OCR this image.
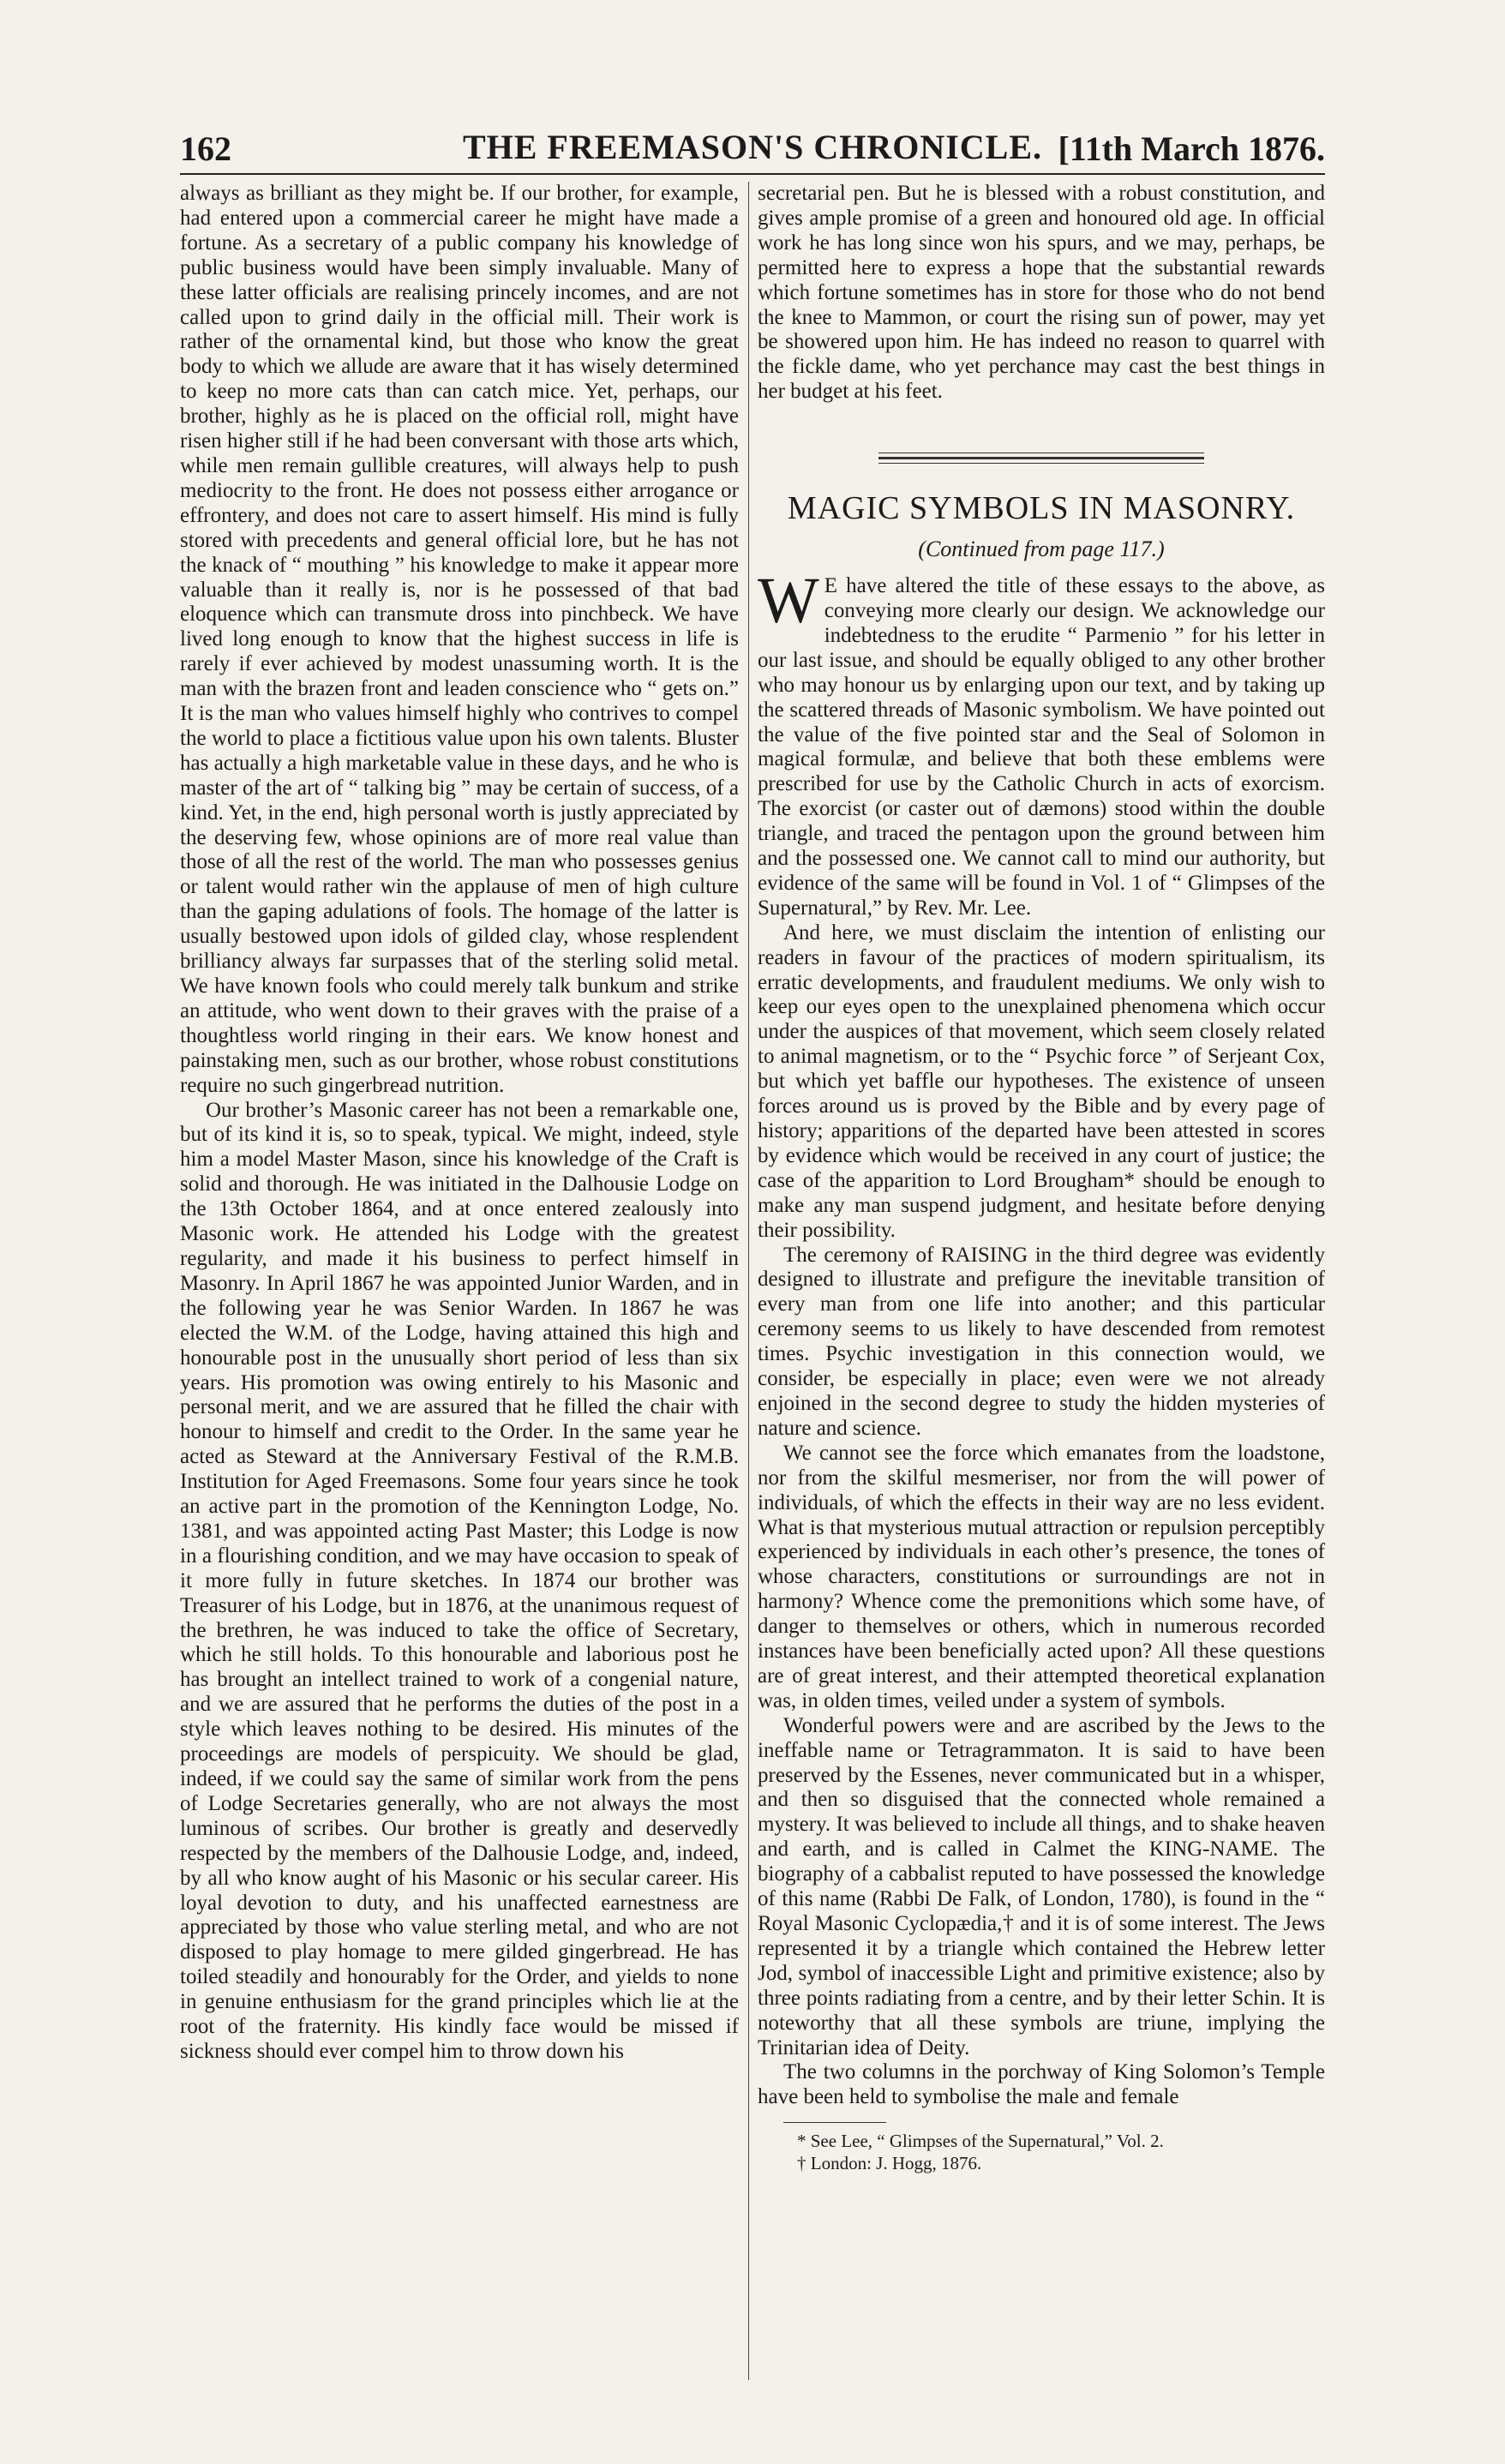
162	THE FREEMASON'S CHRONICLE. [11th March 1876.

always as brilliant as they might be. If our brother, for example, had entered upon a commercial career he might have made a fortune. As a secretary of a public company his knowledge of public business would have been simply invaluable. Many of these latter officials are realising princely incomes, and are not called upon to grind daily in the official mill. Their work is rather of the ornamental kind, but those who know the great body to which we allude are aware that it has wisely determined to keep no more cats than can catch mice. Yet, perhaps, our brother, highly as he is placed on the official roll, might have risen higher still if he had been conversant with those arts which, while men remain gullible creatures, will always help to push mediocrity to the front. He does not possess either arrogance or effrontery, and does not care to assert himself. His mind is fully stored with precedents and general official lore, but he has not the knack of “ mouthing ” his knowledge to make it appear more valuable than it really is, nor is he possessed of that bad eloquence which can transmute dross into pinchbeck. We have lived long enough to know that the highest success in life is rarely if ever achieved by modest unassuming worth. It is the man with the brazen front and leaden conscience who “ gets on.” It is the man who values himself highly who contrives to compel the world to place a fictitious value upon his own talents. Bluster has actually a high marketable value in these days, and he who is master of the art of “ talking big ” may be certain of success, of a kind. Yet, in the end, high personal worth is justly appreciated by the deserving few, whose opinions are of more real value than those of all the rest of the world. The man who possesses genius or talent would rather win the applause of men of high culture than the gaping adulations of fools. The homage of the latter is usually bestowed upon idols of gilded clay, whose resplendent brilliancy always far surpasses that of the sterling solid metal. We have known fools who could merely talk bunkum and strike an attitude, who went down to their graves with the praise of a thoughtless world ringing in their ears. We know honest and painstaking men, such as our brother, whose robust constitutions require no such gingerbread nutrition.

Our brother’s Masonic career has not been a remarkable one, but of its kind it is, so to speak, typical. We might, indeed, style him a model Master Mason, since his knowledge of the Craft is solid and thorough. He was initiated in the Dalhousie Lodge on the 13th October 1864, and at once entered zealously into Masonic work. He attended his Lodge with the greatest regularity, and made it his business to perfect himself in Masonry. In April 1867 he was appointed Junior Warden, and in the following year he was Senior Warden. In 1867 he was elected the W.M. of the Lodge, having attained this high and honourable post in the unusually short period of less than six years. His promotion was owing entirely to his Masonic and personal merit, and we are assured that he filled the chair with honour to himself and credit to the Order. In the same year he acted as Steward at the Anniversary Festival of the R.M.B. Institution for Aged Freemasons. Some four years since he took an active part in the promotion of the Kennington Lodge, No. 1381, and was appointed acting Past Master; this Lodge is now in a flourishing condition, and we may have occasion to speak of it more fully in future sketches. In 1874 our brother was Treasurer of his Lodge, but in 1876, at the unanimous request of the brethren, he was induced to take the office of Secretary, which he still holds. To this honourable and laborious post he has brought an intellect trained to work of a congenial nature, and we are assured that he performs the duties of the post in a style which leaves nothing to be desired. His minutes of the proceedings are models of perspicuity. We should be glad, indeed, if we could say the same of similar work from the pens of Lodge Secretaries generally, who are not always the most luminous of scribes. Our brother is greatly and deservedly respected by the members of the Dalhousie Lodge, and, indeed, by all who know aught of his Masonic or his secular career. His loyal devotion to duty, and his unaffected earnestness are appreciated by those who value sterling metal, and who are not disposed to play homage to mere gilded gingerbread. He has toiled steadily and honourably for the Order, and yields to none in genuine enthusiasm for the grand principles which lie at the root of the fraternity. His kindly face would be missed if sickness should ever compel him to throw down his

secretarial pen. But he is blessed with a robust constitution, and gives ample promise of a green and honoured old age. In official work he has long since won his spurs, and we may, perhaps, be permitted here to express a hope that the substantial rewards which fortune sometimes has in store for those who do not bend the knee to Mammon, or court the rising sun of power, may yet be showered upon him. He has indeed no reason to quarrel with the fickle dame, who yet perchance may cast the best things in her budget at his feet.

MAGIC SYMBOLS IN MASONRY.
(Continued from page 117.)

W E have altered the title of these essays to the above, as conveying more clearly our design. We acknowledge our indebtedness to the erudite “ Parmenio ” for his letter in our last issue, and should be equally obliged to any other brother who may honour us by enlarging upon our text, and by taking up the scattered threads of Masonic symbolism. We have pointed out the value of the five pointed star and the Seal of Solomon in magical formulæ, and believe that both these emblems were prescribed for use by the Catholic Church in acts of exorcism. The exorcist (or caster out of dæmons) stood within the double triangle, and traced the pentagon upon the ground between him and the possessed one. We cannot call to mind our authority, but evidence of the same will be found in Vol. 1 of “ Glimpses of the Supernatural,” by Rev. Mr. Lee.

And here, we must disclaim the intention of enlisting our readers in favour of the practices of modern spiritualism, its erratic developments, and fraudulent mediums. We only wish to keep our eyes open to the unexplained phenomena which occur under the auspices of that movement, which seem closely related to animal magnetism, or to the “ Psychic force ” of Serjeant Cox, but which yet baffle our hypotheses. The existence of unseen forces around us is proved by the Bible and by every page of history; apparitions of the departed have been attested in scores by evidence which would be received in any court of justice; the case of the apparition to Lord Brougham* should be enough to make any man suspend judgment, and hesitate before denying their possibility.

The ceremony of RAISING in the third degree was evidently designed to illustrate and prefigure the inevitable transition of every man from one life into another; and this particular ceremony seems to us likely to have descended from remotest times. Psychic investigation in this connection would, we consider, be especially in place; even were we not already enjoined in the second degree to study the hidden mysteries of nature and science.

We cannot see the force which emanates from the loadstone, nor from the skilful mesmeriser, nor from the will power of individuals, of which the effects in their way are no less evident. What is that mysterious mutual attraction or repulsion perceptibly experienced by individuals in each other’s presence, the tones of whose characters, constitutions or surroundings are not in harmony? Whence come the premonitions which some have, of danger to themselves or others, which in numerous recorded instances have been beneficially acted upon? All these questions are of great interest, and their attempted theoretical explanation was, in olden times, veiled under a system of symbols.

Wonderful powers were and are ascribed by the Jews to the ineffable name or Tetragrammaton. It is said to have been preserved by the Essenes, never communicated but in a whisper, and then so disguised that the connected whole remained a mystery. It was believed to include all things, and to shake heaven and earth, and is called in Calmet the KING-NAME. The biography of a cabbalist reputed to have possessed the knowledge of this name (Rabbi De Falk, of London, 1780), is found in the “ Royal Masonic Cyclopædia,† and it is of some interest. The Jews represented it by a triangle which contained the Hebrew letter Jod, symbol of inaccessible Light and primitive existence; also by three points radiating from a centre, and by their letter Schin. It is noteworthy that all these symbols are triune, implying the Trinitarian idea of Deity.

The two columns in the porchway of King Solomon’s Temple have been held to symbolise the male and female

* See Lee, “ Glimpses of the Supernatural,” Vol. 2.
† London: J. Hogg, 1876.
